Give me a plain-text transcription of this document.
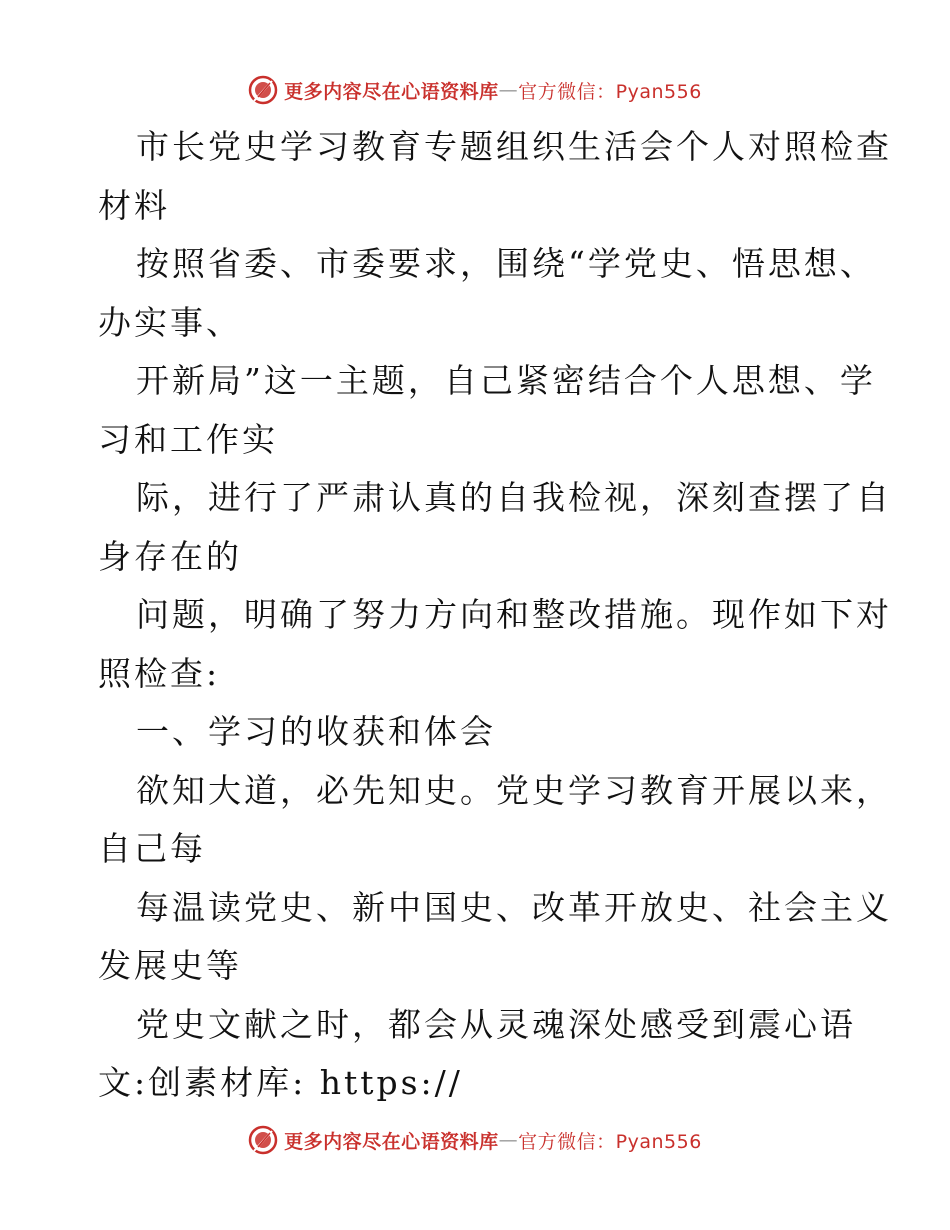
更多内容尽在心语资料库 — 官方微信：Pyan556
市长党史学习教育专题组织生活会个人对照检查
材料
按照省委、市委要求，围绕“学党史、悟思想、
办实事、
开新局”这一主题，自己紧密结合个人思想、学
习和工作实
际，进行了严肃认真的自我检视，深刻查摆了自
身存在的
问题，明确了努力方向和整改措施。现作如下对
照检查:
一、学习的收获和体会
欲知大道，必先知史。党史学习教育开展以来，
自己每
每温读党史、新中国史、改革开放史、社会主义
发展史等
党史文献之时，都会从灵魂深处感受到震心语
文:创素材库: https://
更多内容尽在心语资料库 — 官方微信：Pyan556
